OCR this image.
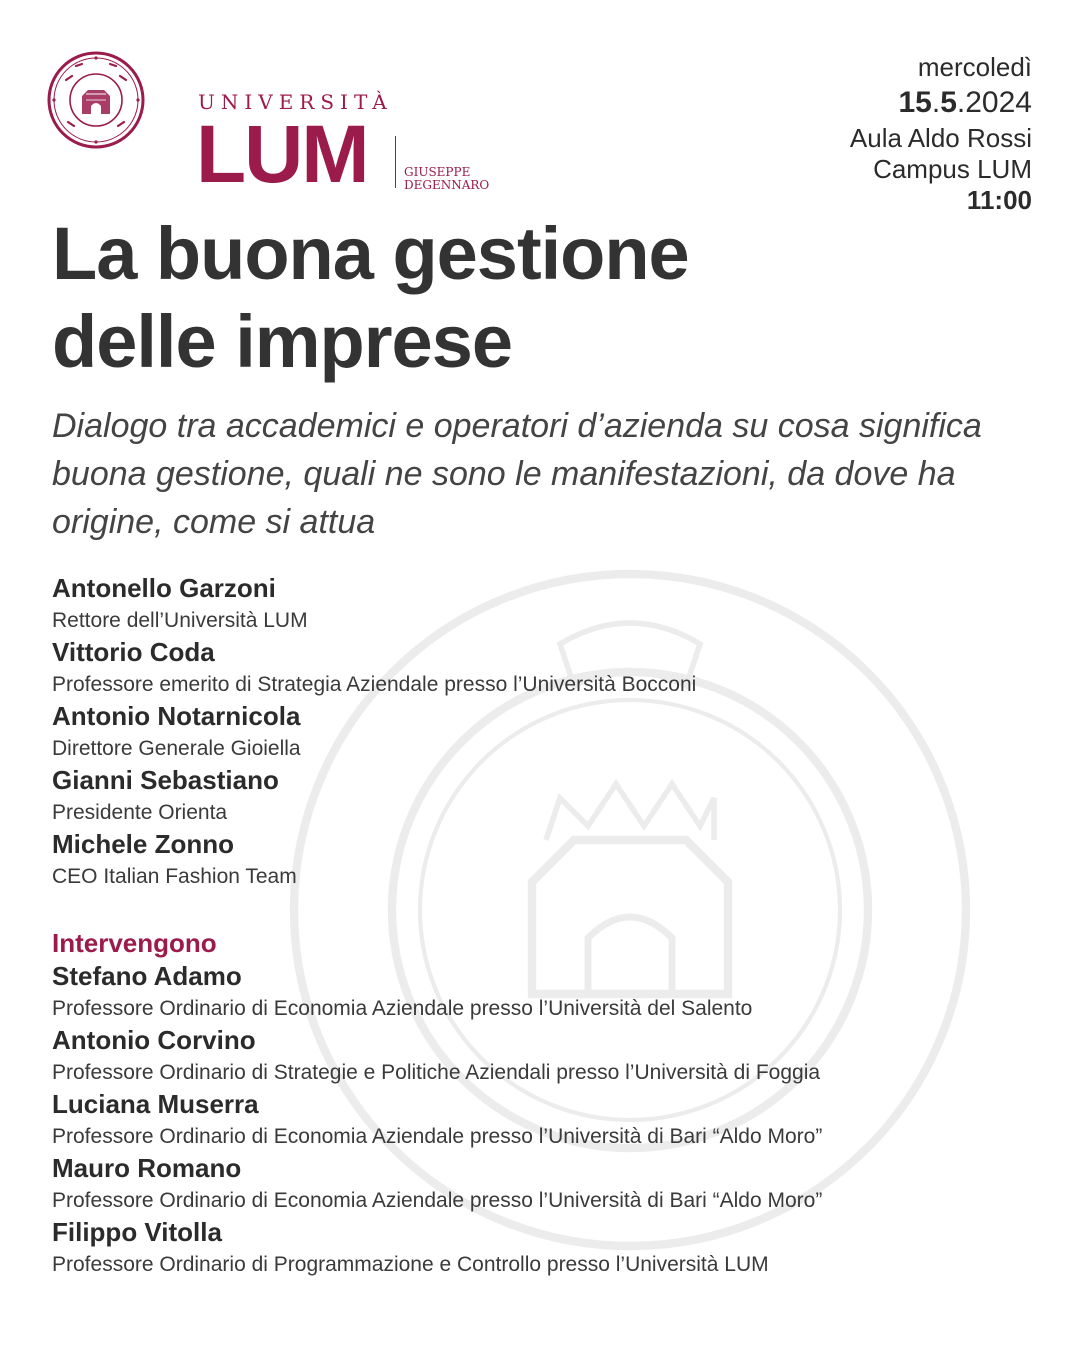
UNIVERSITÀ
LUM	GIUSEPPE
DEGENNARO
mercoledì
15.5.2024
Aula Aldo Rossi
Campus LUM
11:00
La buona gestione
delle imprese

Dialogo tra accademici e operatori d’azienda su cosa significa buona gestione, quali ne sono le manifestazioni, da dove ha origine, come si attua

Antonello Garzoni
Rettore dell’Università LUM
Vittorio Coda
Professore emerito di Strategia Aziendale presso l’Università Bocconi
Antonio Notarnicola
Direttore Generale Gioiella
Gianni Sebastiano
Presidente Orienta
Michele Zonno
CEO Italian Fashion Team
Intervengono
Stefano Adamo
Professore Ordinario di Economia Aziendale presso l’Università del Salento
Antonio Corvino
Professore Ordinario di Strategie e Politiche Aziendali presso l’Università di Foggia
Luciana Muserra
Professore Ordinario di Economia Aziendale presso l’Università di Bari “Aldo Moro”
Mauro Romano
Professore Ordinario di Economia Aziendale presso l’Università di Bari “Aldo Moro”
Filippo Vitolla
Professore Ordinario di Programmazione e Controllo presso l’Università LUM
